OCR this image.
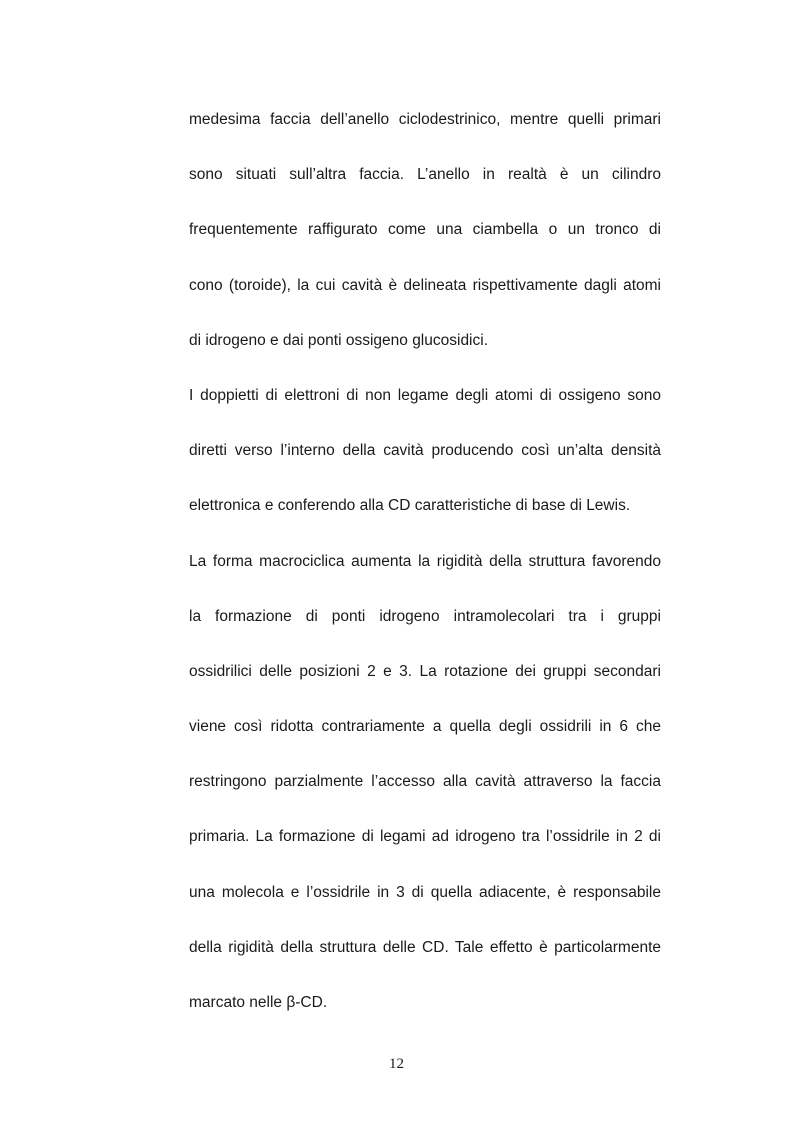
medesima faccia dell’anello ciclodestrinico, mentre quelli primari
sono situati sull’altra faccia. L’anello in realtà è un cilindro
frequentemente raffigurato come una ciambella o un tronco di
cono (toroide), la cui cavità è delineata rispettivamente dagli atomi
di idrogeno e dai ponti ossigeno glucosidici.
I doppietti di elettroni di non legame degli atomi di ossigeno sono
diretti verso l’interno della cavità producendo così un’alta densità
elettronica e conferendo alla CD caratteristiche di base di Lewis.
La forma macrociclica aumenta la rigidità della struttura favorendo
la formazione di ponti idrogeno intramolecolari tra i gruppi
ossidrilici delle posizioni 2 e 3. La rotazione dei gruppi secondari
viene così ridotta contrariamente a quella degli ossidrili in 6 che
restringono parzialmente l’accesso alla cavità attraverso la faccia
primaria. La formazione di legami ad idrogeno tra l’ossidrile in 2 di
una molecola e l’ossidrile in 3 di quella adiacente, è responsabile
della rigidità della struttura delle CD. Tale effetto è particolarmente
marcato nelle β-CD.
12
